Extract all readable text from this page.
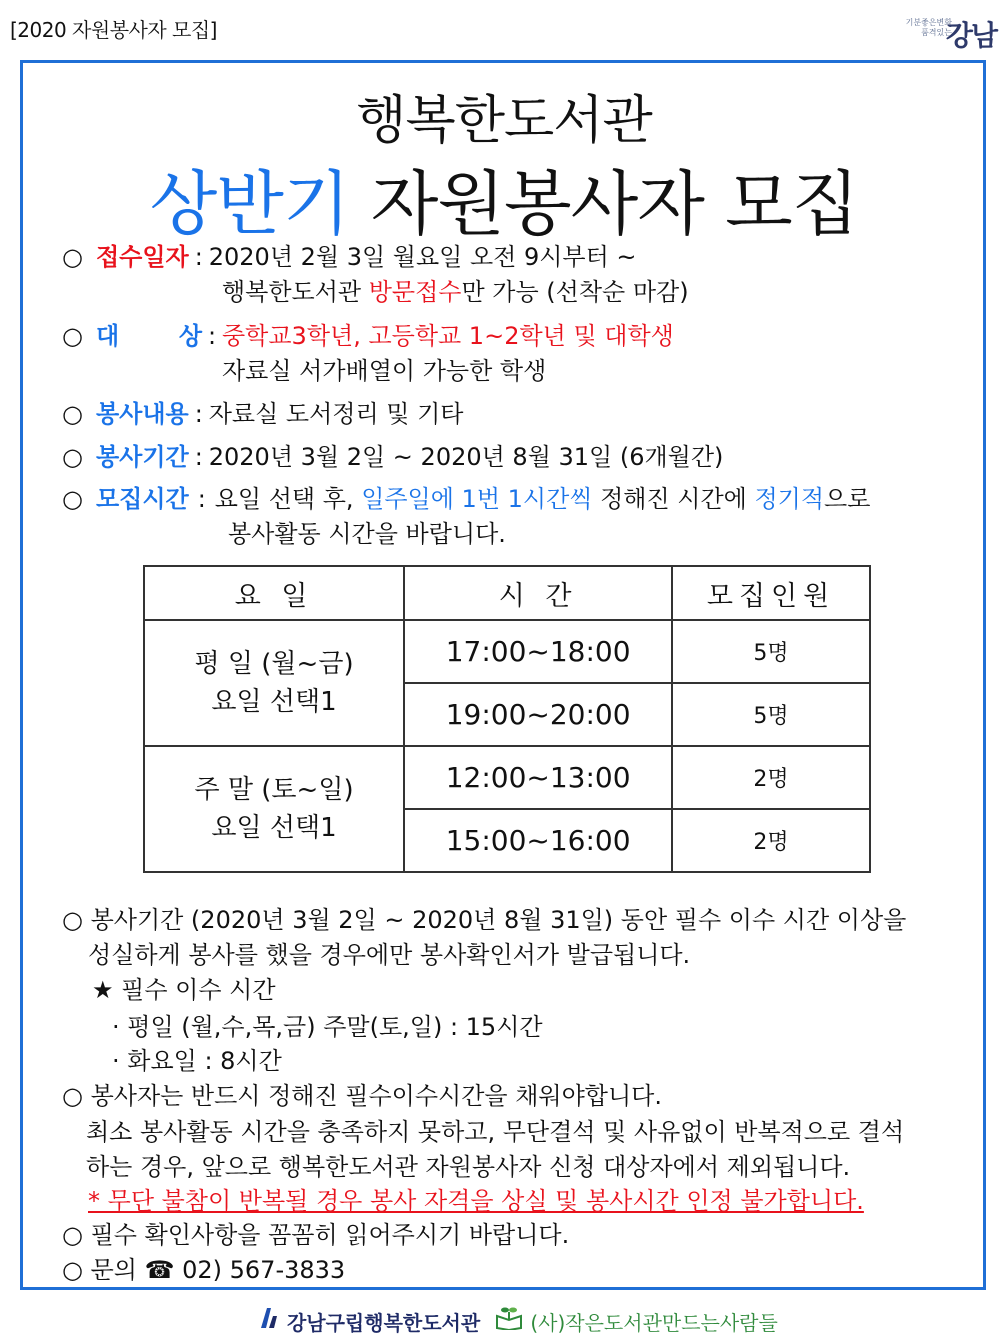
[2020 자원봉사자 모집]	기분좋은변화
품격있는
강남
행복한도서관
상반기 자원봉사자 모집
○ 접수일자 : 2020년 2월 3일 월요일 오전 9시부터 ~
행복한도서관 방문접수만 가능 (선착순 마감)
○ 대 상 : 중학교3학년, 고등학교 1~2학년 및 대학생
자료실 서가배열이 가능한 학생
○ 봉사내용 : 자료실 도서정리 및 기타
○ 봉사기간 : 2020년 3월 2일 ~ 2020년 8월 31일 (6개월간)
○ 모집시간 : 요일 선택 후, 일주일에 1번 1시간씩 정해진 시간에 정기적으로
봉사활동 시간을 바랍니다.
요 일	시 간	모집인원
평 일 (월~금)
요일 선택1	17:00~18:00	5명
	19:00~20:00	5명
주 말 (토~일)
요일 선택1	12:00~13:00	2명
	15:00~16:00	2명
○ 봉사기간 (2020년 3월 2일 ~ 2020년 8월 31일) 동안 필수 이수 시간 이상을
성실하게 봉사를 했을 경우에만 봉사확인서가 발급됩니다.
★ 필수 이수 시간
· 평일 (월,수,목,금) 주말(토,일) : 15시간
· 화요일 : 8시간
○ 봉사자는 반드시 정해진 필수이수시간을 채워야합니다.
최소 봉사활동 시간을 충족하지 못하고, 무단결석 및 사유없이 반복적으로 결석
하는 경우, 앞으로 행복한도서관 자원봉사자 신청 대상자에서 제외됩니다.
* 무단 불참이 반복될 경우 봉사 자격을 상실 및 봉사시간 인정 불가합니다.
○ 필수 확인사항을 꼼꼼히 읽어주시기 바랍니다.
○ 문의 ☎ 02) 567-3833
강남구립행복한도서관	(사)작은도서관만드는사람들
